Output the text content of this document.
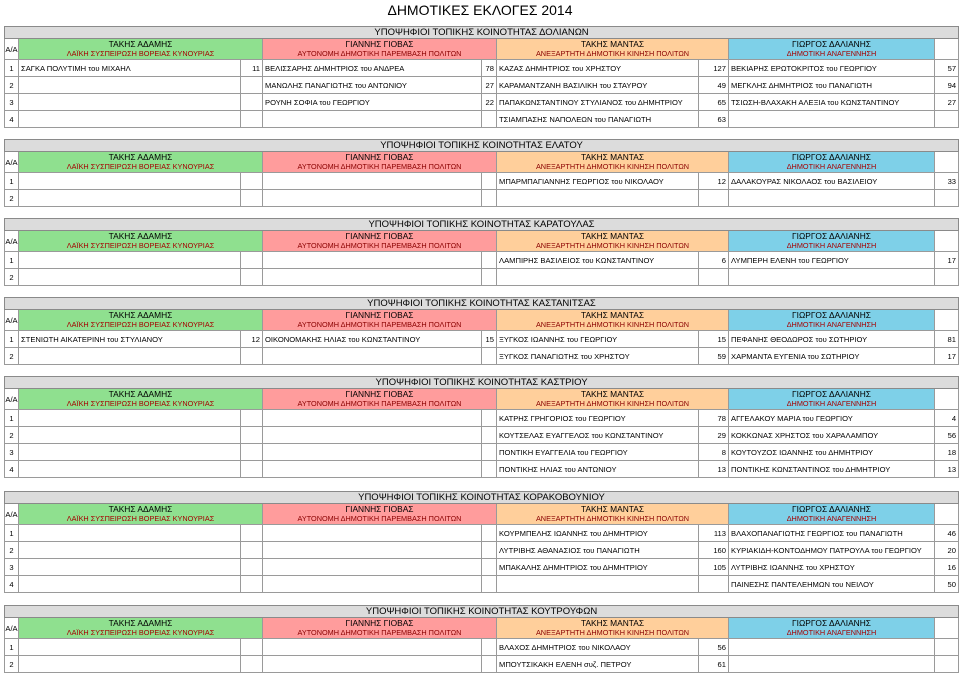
ΔΗΜΟΤΙΚΕΣ ΕΚΛΟΓΕΣ 2014
ΥΠΟΨΗΦΙΟΙ ΤΟΠΙΚΗΣ ΚΟΙΝΟΤΗΤΑΣ ΔΟΛΙΑΝΩΝ								
Α/Α	ΤΑΚΗΣ ΑΔΑΜΗΣ
ΛΑΪΚΗ ΣΥΣΠΕΙΡΩΣΗ ΒΟΡΕΙΑΣ ΚΥΝΟΥΡΙΑΣ		ΓΙΑΝΝΗΣ ΓΙΟΒΑΣ
ΑΥΤΟΝΟΜΗ ΔΗΜΟΤΙΚΗ ΠΑΡΕΜΒΑΣΗ ΠΟΛΙΤΩΝ		ΤΑΚΗΣ ΜΑΝΤΑΣ
ΑΝΕΞΑΡΤΗΤΗ ΔΗΜΟΤΙΚΗ ΚΙΝΗΣΗ ΠΟΛΙΤΩΝ		ΓΙΩΡΓΟΣ ΔΑΛΙΑΝΗΣ
ΔΗΜΟΤΙΚΗ ΑΝΑΓΕΝΝΗΣΗ	

1	ΣΑΓΚΑ ΠΟΛΥΤΙΜΗ του ΜΙΧΑΗΛ	11	ΒΕΛΙΣΣΑΡΗΣ ΔΗΜΗΤΡΙΟΣ του ΑΝΔΡΕΑ	78	ΚΑΖΑΣ ΔΗΜΗΤΡΙΟΣ του ΧΡΗΣΤΟΥ	127	ΒΕΚΙΑΡΗΣ ΕΡΩΤΟΚΡΙΤΟΣ του ΓΕΩΡΓΙΟΥ	57
2			ΜΑΝΩΛΗΣ ΠΑΝΑΓΙΩΤΗΣ του ΑΝΤΩΝΙΟΥ	27	ΚΑΡΑΜΑΝΤΖΑΝΗ ΒΑΣΙΛΙΚΗ του ΣΤΑΥΡΟΥ	49	ΜΕΓΚΛΗΣ ΔΗΜΗΤΡΙΟΣ του ΠΑΝΑΓΙΩΤΗ	94
3			ΡΟΥΝΗ ΣΟΦΙΑ του ΓΕΩΡΓΙΟΥ	22	ΠΑΠΑΚΩΝΣΤΑΝΤΙΝΟΥ ΣΤΥΛΙΑΝΟΣ του ΔΗΜΗΤΡΙΟΥ	65	ΤΣΙΩΣΗ-ΒΛΑΧΑΚΗ ΑΛΕΞΙΑ του ΚΩΝΣΤΑΝΤΙΝΟΥ	27
4					ΤΣΙΑΜΠΑΣΗΣ ΝΑΠΟΛΕΩΝ του ΠΑΝΑΓΙΩΤΗ	63		
ΥΠΟΨΗΦΙΟΙ ΤΟΠΙΚΗΣ ΚΟΙΝΟΤΗΤΑΣ ΕΛΑΤΟΥ								
Α/Α	ΤΑΚΗΣ ΑΔΑΜΗΣ
ΛΑΪΚΗ ΣΥΣΠΕΙΡΩΣΗ ΒΟΡΕΙΑΣ ΚΥΝΟΥΡΙΑΣ		ΓΙΑΝΝΗΣ ΓΙΟΒΑΣ
ΑΥΤΟΝΟΜΗ ΔΗΜΟΤΙΚΗ ΠΑΡΕΜΒΑΣΗ ΠΟΛΙΤΩΝ		ΤΑΚΗΣ ΜΑΝΤΑΣ
ΑΝΕΞΑΡΤΗΤΗ ΔΗΜΟΤΙΚΗ ΚΙΝΗΣΗ ΠΟΛΙΤΩΝ		ΓΙΩΡΓΟΣ ΔΑΛΙΑΝΗΣ
ΔΗΜΟΤΙΚΗ ΑΝΑΓΕΝΝΗΣΗ	

1					ΜΠΑΡΜΠΑΓΙΑΝΝΗΣ ΓΕΩΡΓΙΟΣ του ΝΙΚΟΛΑΟΥ	12	ΔΑΛΑΚΟΥΡΑΣ ΝΙΚΟΛΑΟΣ του ΒΑΣΙΛΕΙΟΥ	33
2								
ΥΠΟΨΗΦΙΟΙ ΤΟΠΙΚΗΣ ΚΟΙΝΟΤΗΤΑΣ ΚΑΡΑΤΟΥΛΑΣ								
Α/Α	ΤΑΚΗΣ ΑΔΑΜΗΣ
ΛΑΪΚΗ ΣΥΣΠΕΙΡΩΣΗ ΒΟΡΕΙΑΣ ΚΥΝΟΥΡΙΑΣ		ΓΙΑΝΝΗΣ ΓΙΟΒΑΣ
ΑΥΤΟΝΟΜΗ ΔΗΜΟΤΙΚΗ ΠΑΡΕΜΒΑΣΗ ΠΟΛΙΤΩΝ		ΤΑΚΗΣ ΜΑΝΤΑΣ
ΑΝΕΞΑΡΤΗΤΗ ΔΗΜΟΤΙΚΗ ΚΙΝΗΣΗ ΠΟΛΙΤΩΝ		ΓΙΩΡΓΟΣ ΔΑΛΙΑΝΗΣ
ΔΗΜΟΤΙΚΗ ΑΝΑΓΕΝΝΗΣΗ	

1					ΛΑΜΠΙΡΗΣ ΒΑΣΙΛΕΙΟΣ του ΚΩΝΣΤΑΝΤΙΝΟΥ	6	ΛΥΜΠΕΡΗ ΕΛΕΝΗ του ΓΕΩΡΓΙΟΥ	17
2								
ΥΠΟΨΗΦΙΟΙ ΤΟΠΙΚΗΣ ΚΟΙΝΟΤΗΤΑΣ ΚΑΣΤΑΝΙΤΣΑΣ								
Α/Α	ΤΑΚΗΣ ΑΔΑΜΗΣ
ΛΑΪΚΗ ΣΥΣΠΕΙΡΩΣΗ ΒΟΡΕΙΑΣ ΚΥΝΟΥΡΙΑΣ		ΓΙΑΝΝΗΣ ΓΙΟΒΑΣ
ΑΥΤΟΝΟΜΗ ΔΗΜΟΤΙΚΗ ΠΑΡΕΜΒΑΣΗ ΠΟΛΙΤΩΝ		ΤΑΚΗΣ ΜΑΝΤΑΣ
ΑΝΕΞΑΡΤΗΤΗ ΔΗΜΟΤΙΚΗ ΚΙΝΗΣΗ ΠΟΛΙΤΩΝ		ΓΙΩΡΓΟΣ ΔΑΛΙΑΝΗΣ
ΔΗΜΟΤΙΚΗ ΑΝΑΓΕΝΝΗΣΗ	

1	ΣΤΕΝΙΩΤΗ ΑΙΚΑΤΕΡΙΝΗ του ΣΤΥΛΙΑΝΟΥ	12	ΟΙΚΟΝΟΜΑΚΗΣ ΗΛΙΑΣ του ΚΩΝΣΤΑΝΤΙΝΟΥ	15	ΞΥΓΚΟΣ ΙΩΑΝΝΗΣ του ΓΕΩΡΓΙΟΥ	15	ΠΕΦΑΝΗΣ ΘΕΟΔΩΡΟΣ του ΣΩΤΗΡΙΟΥ	81
2					ΞΥΓΚΟΣ ΠΑΝΑΓΙΩΤΗΣ του ΧΡΗΣΤΟΥ	59	ΧΑΡΜΑΝΤΑ ΕΥΓΕΝΙΑ του ΣΩΤΗΡΙΟΥ	17
ΥΠΟΨΗΦΙΟΙ ΤΟΠΙΚΗΣ ΚΟΙΝΟΤΗΤΑΣ ΚΑΣΤΡΙΟΥ								
Α/Α	ΤΑΚΗΣ ΑΔΑΜΗΣ
ΛΑΪΚΗ ΣΥΣΠΕΙΡΩΣΗ ΒΟΡΕΙΑΣ ΚΥΝΟΥΡΙΑΣ		ΓΙΑΝΝΗΣ ΓΙΟΒΑΣ
ΑΥΤΟΝΟΜΗ ΔΗΜΟΤΙΚΗ ΠΑΡΕΜΒΑΣΗ ΠΟΛΙΤΩΝ		ΤΑΚΗΣ ΜΑΝΤΑΣ
ΑΝΕΞΑΡΤΗΤΗ ΔΗΜΟΤΙΚΗ ΚΙΝΗΣΗ ΠΟΛΙΤΩΝ		ΓΙΩΡΓΟΣ ΔΑΛΙΑΝΗΣ
ΔΗΜΟΤΙΚΗ ΑΝΑΓΕΝΝΗΣΗ	

1					ΚΑΤΡΗΣ ΓΡΗΓΟΡΙΟΣ του ΓΕΩΡΓΙΟΥ	78	ΑΓΓΕΛΑΚΟΥ ΜΑΡΙΑ του ΓΕΩΡΓΙΟΥ	4
2					ΚΟΥΤΣΕΛΑΣ ΕΥΑΓΓΕΛΟΣ του ΚΩΝΣΤΑΝΤΙΝΟΥ	29	ΚΟΚΚΩΝΑΣ ΧΡΗΣΤΟΣ του ΧΑΡΑΛΑΜΠΟΥ	56
3					ΠΟΝΤΙΚΗ ΕΥΑΓΓΕΛΙΑ του ΓΕΩΡΓΙΟΥ	8	ΚΟΥΤΟΥΖΟΣ ΙΩΑΝΝΗΣ του ΔΗΜΗΤΡΙΟΥ	18
4					ΠΟΝΤΙΚΗΣ ΗΛΙΑΣ του ΑΝΤΩΝΙΟΥ	13	ΠΟΝΤΙΚΗΣ ΚΩΝΣΤΑΝΤΙΝΟΣ του ΔΗΜΗΤΡΙΟΥ	13
ΥΠΟΨΗΦΙΟΙ ΤΟΠΙΚΗΣ ΚΟΙΝΟΤΗΤΑΣ ΚΟΡΑΚΟΒΟΥΝΙΟΥ								
Α/Α	ΤΑΚΗΣ ΑΔΑΜΗΣ
ΛΑΪΚΗ ΣΥΣΠΕΙΡΩΣΗ ΒΟΡΕΙΑΣ ΚΥΝΟΥΡΙΑΣ		ΓΙΑΝΝΗΣ ΓΙΟΒΑΣ
ΑΥΤΟΝΟΜΗ ΔΗΜΟΤΙΚΗ ΠΑΡΕΜΒΑΣΗ ΠΟΛΙΤΩΝ		ΤΑΚΗΣ ΜΑΝΤΑΣ
ΑΝΕΞΑΡΤΗΤΗ ΔΗΜΟΤΙΚΗ ΚΙΝΗΣΗ ΠΟΛΙΤΩΝ		ΓΙΩΡΓΟΣ ΔΑΛΙΑΝΗΣ
ΔΗΜΟΤΙΚΗ ΑΝΑΓΕΝΝΗΣΗ	

1					ΚΟΥΡΜΠΕΛΗΣ ΙΩΑΝΝΗΣ του ΔΗΜΗΤΡΙΟΥ	113	ΒΛΑΧΟΠΑΝΑΓΙΩΤΗΣ ΓΕΩΡΓΙΟΣ του ΠΑΝΑΓΙΩΤΗ	46
2					ΛΥΤΡΙΒΗΣ ΑΘΑΝΑΣΙΟΣ του ΠΑΝΑΓΙΩΤΗ	160	ΚΥΡΙΑΚΙΔΗ-ΚΟΝΤΟΔΗΜΟΥ ΠΑΤΡΟΥΛΑ του ΓΕΩΡΓΙΟΥ	20
3					ΜΠΑΚΑΛΗΣ ΔΗΜΗΤΡΙΟΣ του ΔΗΜΗΤΡΙΟΥ	105	ΛΥΤΡΙΒΗΣ ΙΩΑΝΝΗΣ του ΧΡΗΣΤΟΥ	16
4							ΠΑΙΝΕΣΗΣ ΠΑΝΤΕΛΕΗΜΩΝ του ΝΕΙΛΟΥ	50
ΥΠΟΨΗΦΙΟΙ ΤΟΠΙΚΗΣ ΚΟΙΝΟΤΗΤΑΣ ΚΟΥΤΡΟΥΦΩΝ								
Α/Α	ΤΑΚΗΣ ΑΔΑΜΗΣ
ΛΑΪΚΗ ΣΥΣΠΕΙΡΩΣΗ ΒΟΡΕΙΑΣ ΚΥΝΟΥΡΙΑΣ		ΓΙΑΝΝΗΣ ΓΙΟΒΑΣ
ΑΥΤΟΝΟΜΗ ΔΗΜΟΤΙΚΗ ΠΑΡΕΜΒΑΣΗ ΠΟΛΙΤΩΝ		ΤΑΚΗΣ ΜΑΝΤΑΣ
ΑΝΕΞΑΡΤΗΤΗ ΔΗΜΟΤΙΚΗ ΚΙΝΗΣΗ ΠΟΛΙΤΩΝ		ΓΙΩΡΓΟΣ ΔΑΛΙΑΝΗΣ
ΔΗΜΟΤΙΚΗ ΑΝΑΓΕΝΝΗΣΗ	

1					ΒΛΑΧΟΣ ΔΗΜΗΤΡΙΟΣ του ΝΙΚΟΛΑΟΥ	56		
2					ΜΠΟΥΤΣΙΚΑΚΗ ΕΛΕΝΗ συζ. ΠΕΤΡΟΥ	61		
